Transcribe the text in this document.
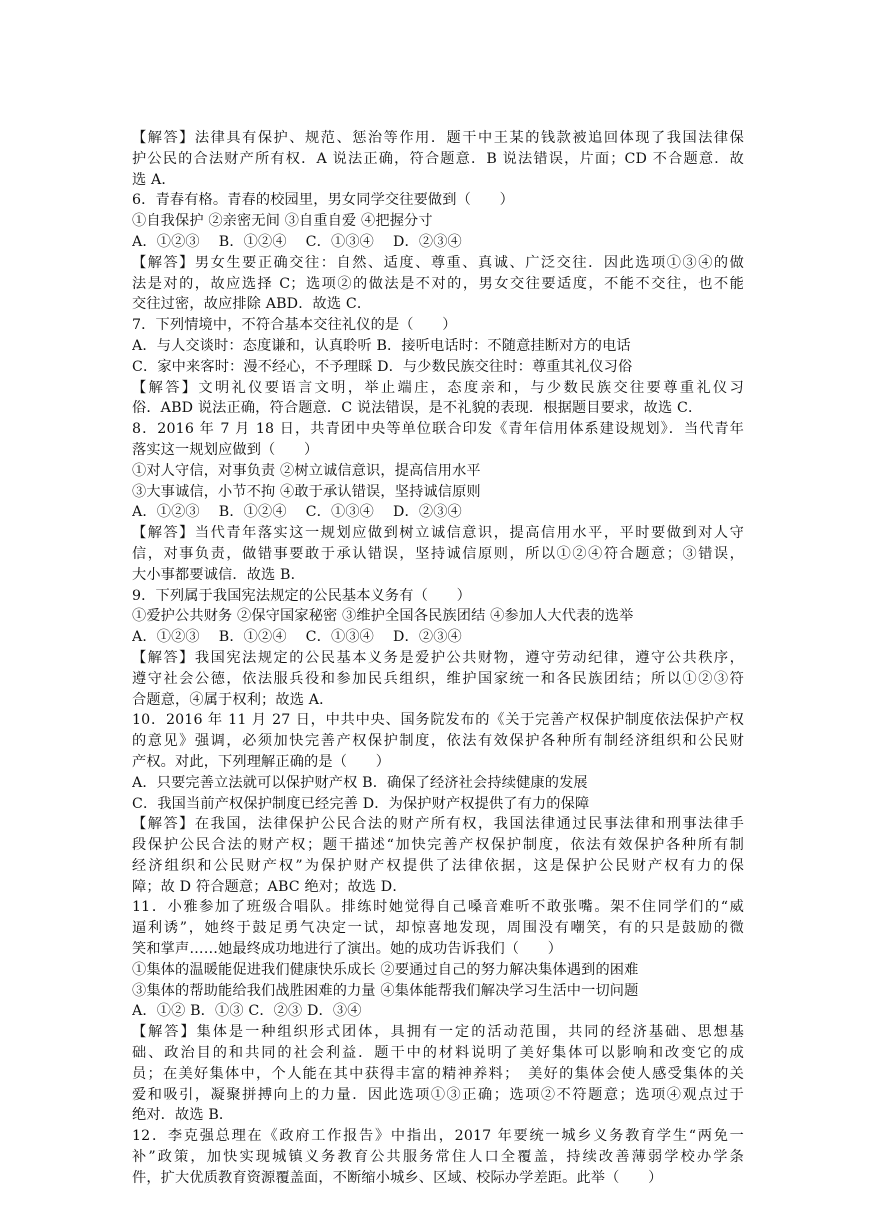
【解答】法律具有保护、规范、惩治等作用．题干中王某的钱款被追回体现了我国法律保
护公民的合法财产所有权．A 说法正确，符合题意．B 说法错误，片面；CD 不合题意．故
选 A．
6．青春有格。青春的校园里，男女同学交往要做到（　　）
①自我保护 ②亲密无间 ③自重自爱 ④把握分寸
A．①②③　 B．①②④　 C．①③④　 D．②③④
【解答】男女生要正确交往：自然、适度、尊重、真诚、广泛交往．因此选项①③④的做
法是对的，故应选择 C；选项②的做法是不对的，男女交往要适度，不能不交往，也不能
交往过密，故应排除 ABD．故选 C．
7．下列情境中，不符合基本交往礼仪的是（　　）
A．与人交谈时：态度谦和，认真聆听 B．接听电话时：不随意挂断对方的电话
C．家中来客时：漫不经心，不予理睬 D．与少数民族交往时：尊重其礼仪习俗
【解答】文明礼仪要语言文明，举止端庄，态度亲和，与少数民族交往要尊重礼仪习
俗．ABD 说法正确，符合题意．C 说法错误，是不礼貌的表现．根据题目要求，故选 C．
8．2016 年 7 月 18 日，共青团中央等单位联合印发《青年信用体系建设规划》．当代青年
落实这一规划应做到（　　）
①对人守信，对事负责 ②树立诚信意识，提高信用水平
③大事诚信，小节不拘 ④敢于承认错误，坚持诚信原则
A．①②③　 B．①②④　 C．①③④　 D．②③④
【解答】当代青年落实这一规划应做到树立诚信意识，提高信用水平，平时要做到对人守
信，对事负责，做错事要敢于承认错误，坚持诚信原则，所以①②④符合题意；③错误，
大小事都要诚信．故选 B．
9．下列属于我国宪法规定的公民基本义务有（　　）
①爱护公共财务 ②保守国家秘密 ③维护全国各民族团结 ④参加人大代表的选举
A．①②③　 B．①②④　 C．①③④　 D．②③④
【解答】我国宪法规定的公民基本义务是爱护公共财物，遵守劳动纪律，遵守公共秩序，
遵守社会公德，依法服兵役和参加民兵组织，维护国家统一和各民族团结；所以①②③符
合题意，④属于权利；故选 A．
10．2016 年 11 月 27 日，中共中央、国务院发布的《关于完善产权保护制度依法保护产权
的意见》强调，必须加快完善产权保护制度，依法有效保护各种所有制经济组织和公民财
产权。对此，下列理解正确的是（　　）
A．只要完善立法就可以保护财产权 B．确保了经济社会持续健康的发展
C．我国当前产权保护制度已经完善 D．为保护财产权提供了有力的保障
【解答】在我国，法律保护公民合法的财产所有权，我国法律通过民事法律和刑事法律手
段保护公民合法的财产权；题干描述“加快完善产权保护制度，依法有效保护各种所有制
经济组织和公民财产权”为保护财产权提供了法律依据，这是保护公民财产权有力的保
障；故 D 符合题意；ABC 绝对；故选 D．
11．小雅参加了班级合唱队。排练时她觉得自己嗓音难听不敢张嘴。架不住同学们的“威
逼利诱”，她终于鼓足勇气决定一试，却惊喜地发现，周围没有嘲笑，有的只是鼓励的微
笑和掌声……她最终成功地进行了演出。她的成功告诉我们（　　）
①集体的温暖能促进我们健康快乐成长 ②要通过自己的努力解决集体遇到的困难
③集体的帮助能给我们战胜困难的力量 ④集体能帮我们解决学习生活中一切问题
A．①② B．①③ C．②③ D．③④
【解答】集体是一种组织形式团体，具拥有一定的活动范围，共同的经济基础、思想基
础、政治目的和共同的社会利益．题干中的材料说明了美好集体可以影响和改变它的成
员；在美好集体中，个人能在其中获得丰富的精神养料；　美好的集体会使人感受集体的关
爱和吸引，凝聚拼搏向上的力量．因此选项①③正确；选项②不符题意；选项④观点过于
绝对．故选 B．
12．李克强总理在《政府工作报告》中指出，2017 年要统一城乡义务教育学生“两免一
补”政策，加快实现城镇义务教育公共服务常住人口全覆盖，持续改善薄弱学校办学条
件，扩大优质教育资源覆盖面，不断缩小城乡、区域、校际办学差距。此举（　　）
